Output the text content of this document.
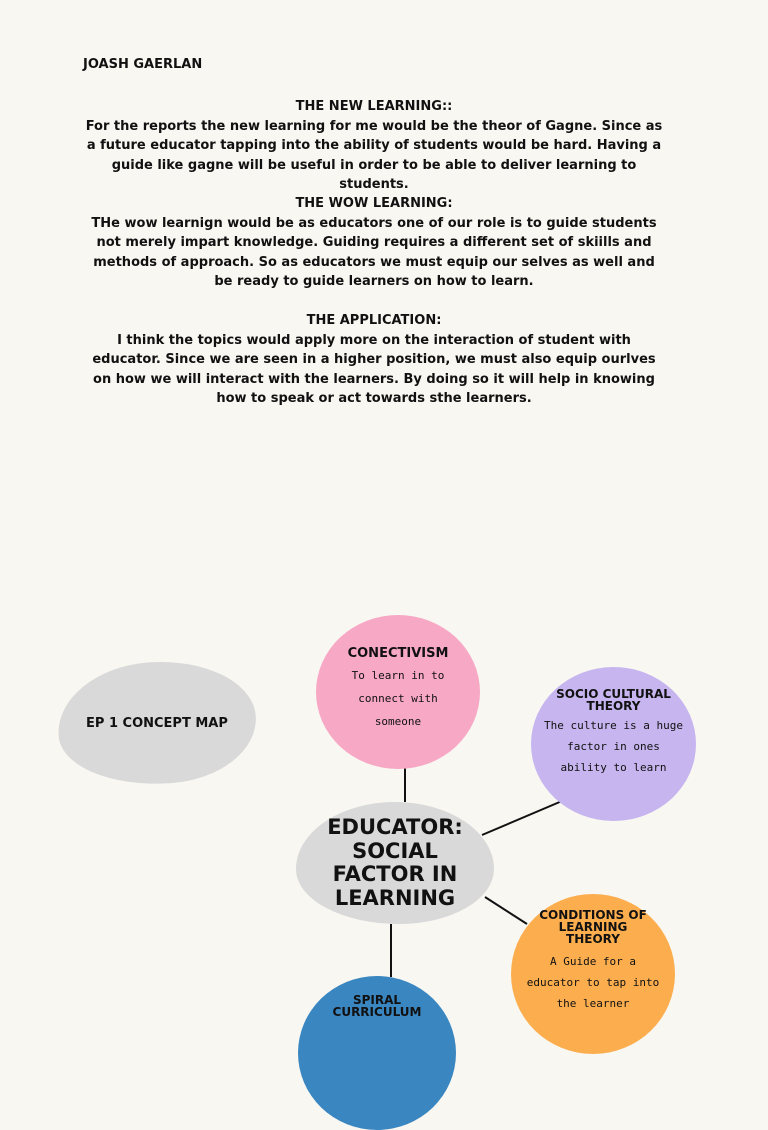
JOASH GAERLAN

THE NEW LEARNING::

For the reports the new learning for me would be the theor of Gagne. Since as a future educator tapping into the ability of students would be hard. Having a guide like gagne will be useful in order to be able to deliver learning to students.

THE WOW LEARNING:

THe wow learnign would be as educators one of our role is to guide students not merely impart knowledge. Guiding requires a different set of skiills and methods of approach. So as educators we must equip our selves as well and be ready to guide learners on how to learn.

THE APPLICATION:

I think the topics would apply more on the interaction of student with educator. Since we are seen in a higher position, we must also equip ourlves on how we will interact with the learners. By doing so it will help in knowing how to speak or act towards sthe learners.

EP 1 CONCEPT MAP
EDUCATOR: SOCIAL FACTOR IN LEARNING
CONECTIVISM
To learn in to connect with someone
SOCIO CULTURAL THEORY
The culture is a huge factor in ones ability to learn
CONDITIONS OF LEARNING THEORY
A Guide for a educator to tap into the learner
SPIRAL CURRICULUM
